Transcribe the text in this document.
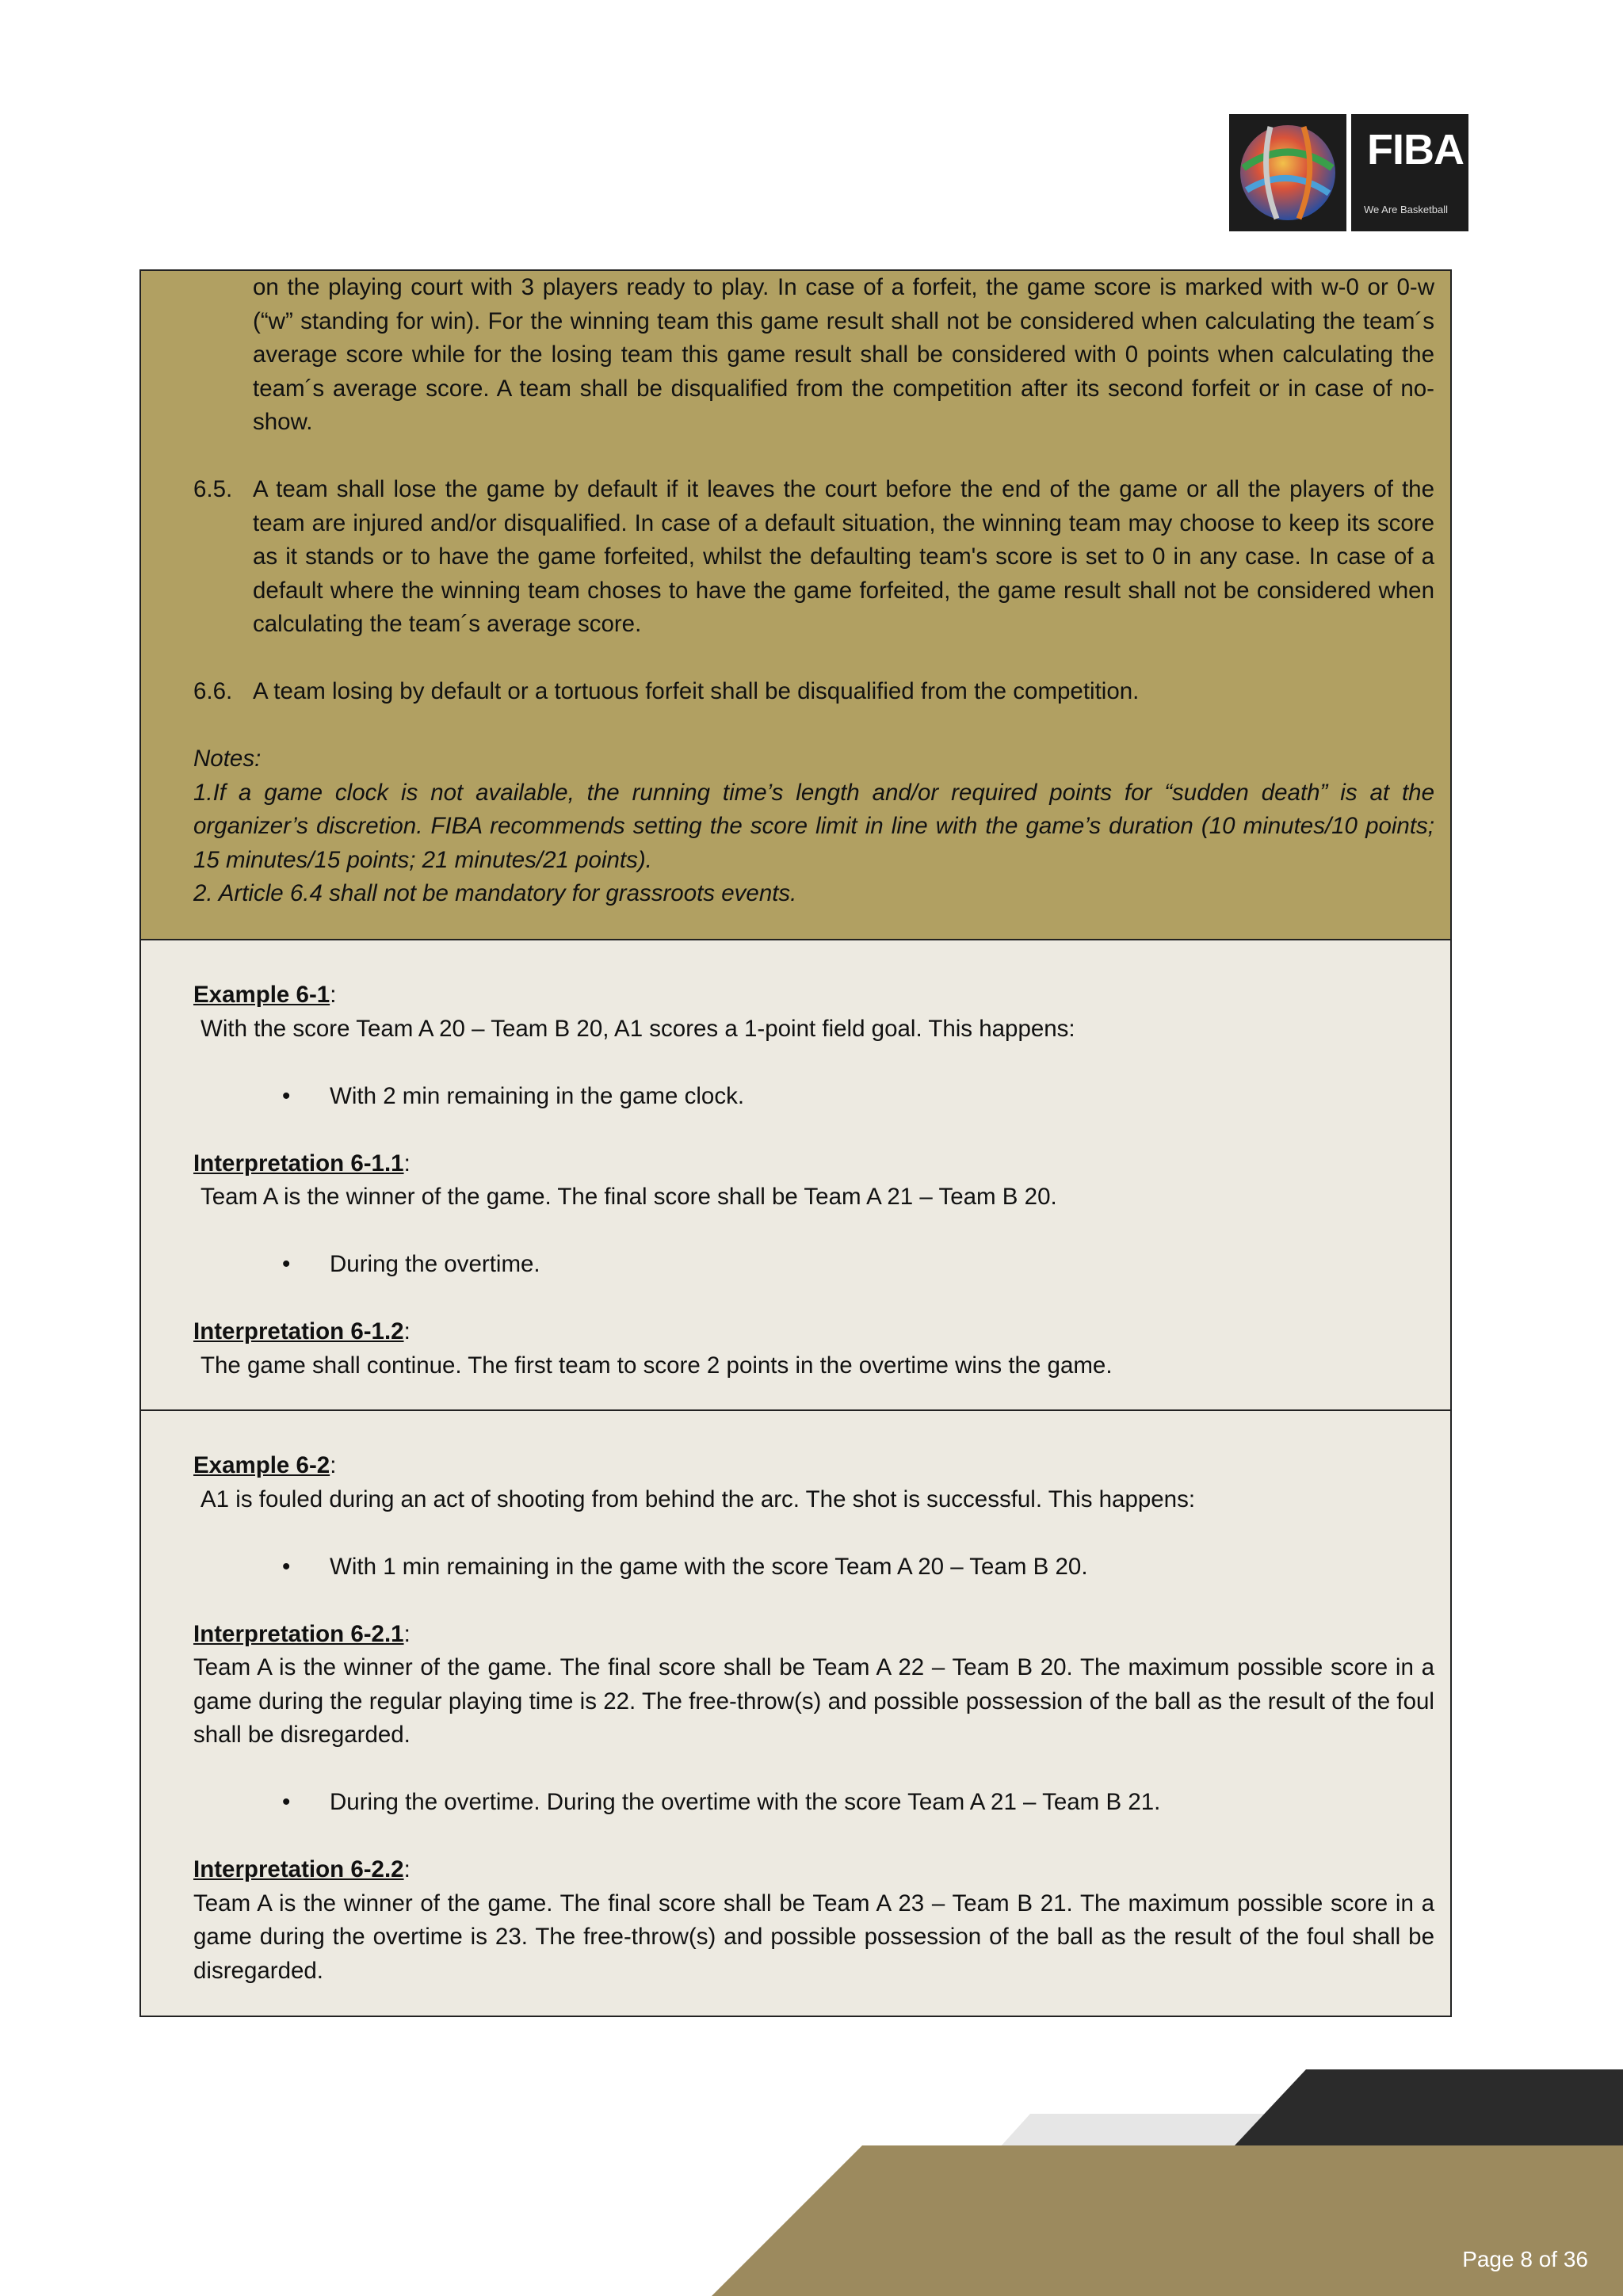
FIBA
We Are Basketball

on the playing court with 3 players ready to play. In case of a forfeit, the game score is marked with w-0 or 0-w (“w” standing for win). For the winning team this game result shall not be considered when calculating the team´s average score while for the losing team this game result shall be considered with 0 points when calculating the team´s average score. A team shall be disqualified from the competition after its second forfeit or in case of no-show.

6.5. A team shall lose the game by default if it leaves the court before the end of the game or all the players of the team are injured and/or disqualified. In case of a default situation, the winning team may choose to keep its score as it stands or to have the game forfeited, whilst the defaulting team's score is set to 0 in any case. In case of a default where the winning team choses to have the game forfeited, the game result shall not be considered when calculating the team´s average score.

6.6. A team losing by default or a tortuous forfeit shall be disqualified from the competition.

Notes:

1.If a game clock is not available, the running time’s length and/or required points for “sudden death” is at the organizer’s discretion. FIBA recommends setting the score limit in line with the game’s duration (10 minutes/10 points; 15 minutes/15 points; 21 minutes/21 points).

2. Article 6.4 shall not be mandatory for grassroots events.

Example 6-1:

With the score Team A 20 – Team B 20, A1 scores a 1-point field goal. This happens:

•	With 2 min remaining in the game clock.

Interpretation 6-1.1:

Team A is the winner of the game. The final score shall be Team A 21 – Team B 20.

•	During the overtime.

Interpretation 6-1.2:

The game shall continue. The first team to score 2 points in the overtime wins the game.

Example 6-2:

A1 is fouled during an act of shooting from behind the arc. The shot is successful. This happens:

•	With 1 min remaining in the game with the score Team A 20 – Team B 20.

Interpretation 6-2.1:

Team A is the winner of the game. The final score shall be Team A 22 – Team B 20. The maximum possible score in a game during the regular playing time is 22. The free-throw(s) and possible possession of the ball as the result of the foul shall be disregarded.

•	During the overtime. During the overtime with the score Team A 21 – Team B 21.

Interpretation 6-2.2:

Team A is the winner of the game. The final score shall be Team A 23 – Team B 21. The maximum possible score in a game during the overtime is 23. The free-throw(s) and possible possession of the ball as the result of the foul shall be disregarded.

Page 8 of 36
